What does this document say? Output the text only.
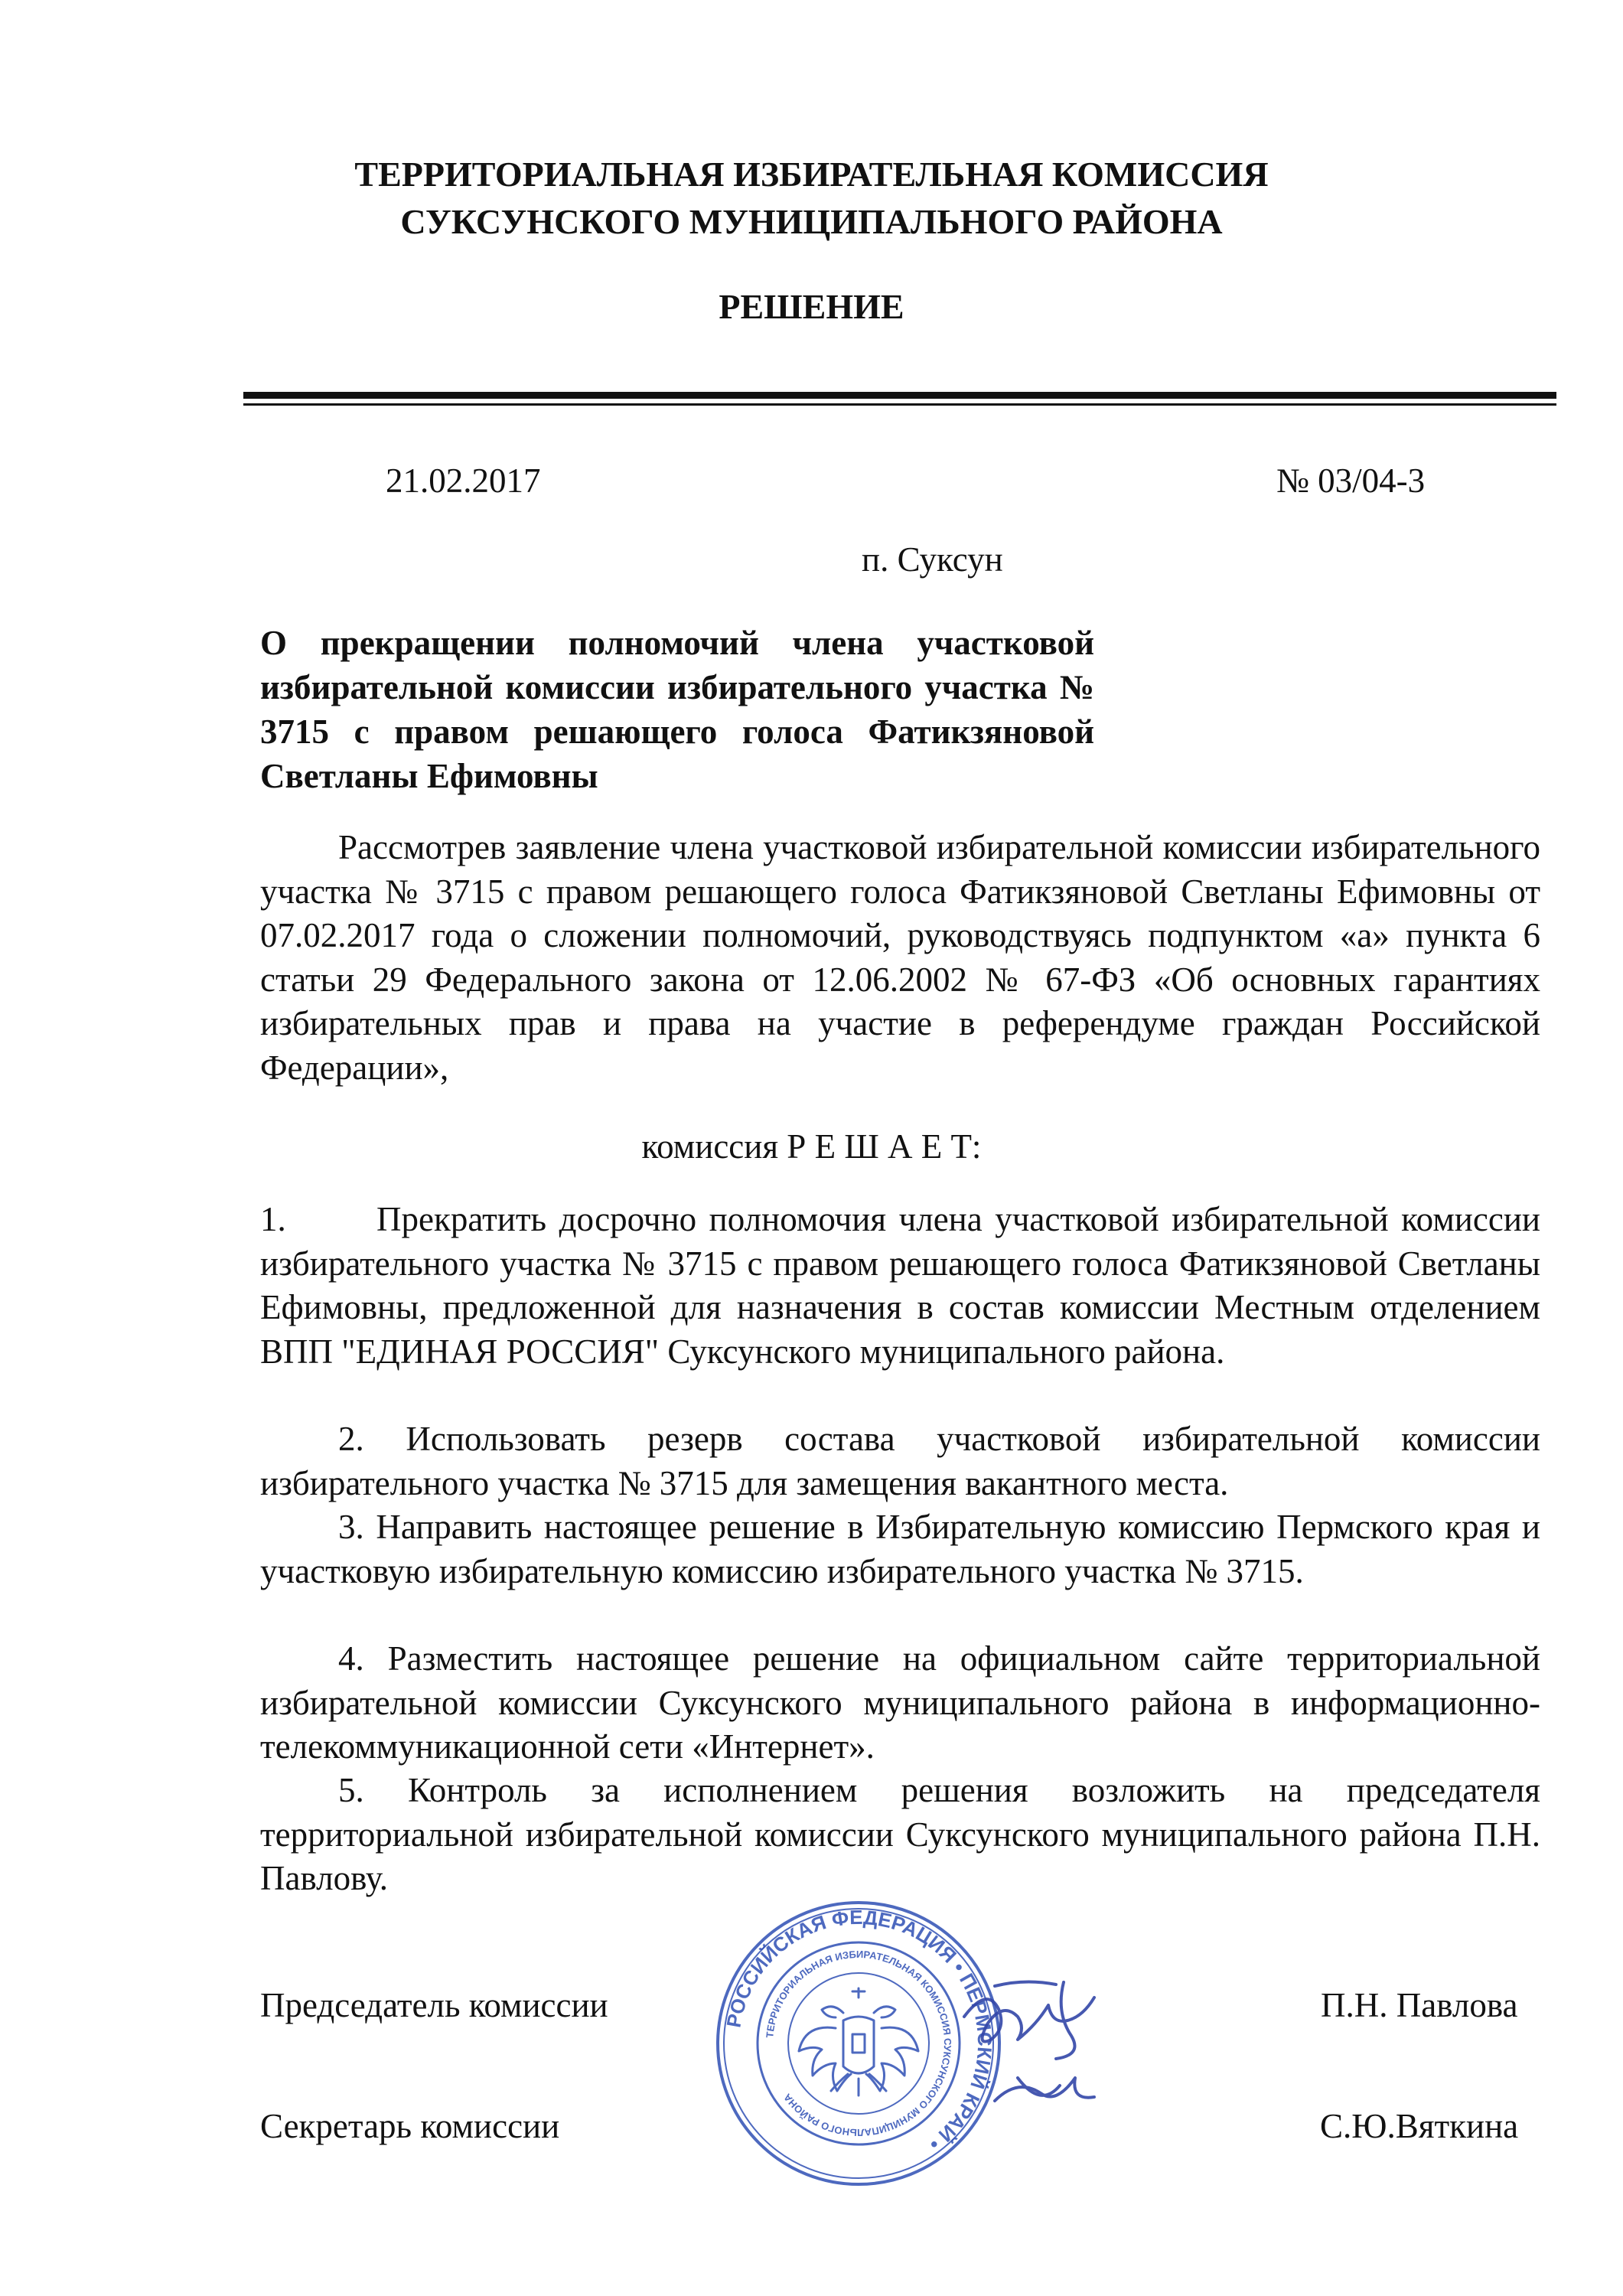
ТЕРРИТОРИАЛЬНАЯ ИЗБИРАТЕЛЬНАЯ КОМИССИЯ
СУКСУНСКОГО МУНИЦИПАЛЬНОГО РАЙОНА
РЕШЕНИЕ
21.02.2017	№ 03/04-3
п. Суксун
О прекращении полномочий члена участковой избирательной комиссии избирательного участка № 3715 с правом решающего голоса Фатикзяновой Светланы Ефимовны
Рассмотрев заявление члена участковой избирательной комиссии избирательного участка № 3715 с правом решающего голоса Фатикзяновой Светланы Ефимовны от 07.02.2017 года о сложении полномочий, руководствуясь подпунктом «а» пункта 6 статьи 29 Федерального закона от 12.06.2002 № 67-ФЗ «Об основных гарантиях избирательных прав и права на участие в референдуме граждан Российской Федерации»,
комиссия Р Е Ш А Е Т:
1.	Прекратить досрочно полномочия члена участковой избирательной комиссии избирательного участка № 3715 с правом решающего голоса Фатикзяновой Светланы Ефимовны, предложенной для назначения в состав комиссии Местным отделением ВПП "ЕДИНАЯ РОССИЯ" Суксунского муниципального района.
2. Использовать резерв состава участковой избирательной комиссии избирательного участка № 3715 для замещения вакантного места.
3. Направить настоящее решение в Избирательную комиссию Пермского края и участковую избирательную комиссию избирательного участка № 3715.
4. Разместить настоящее решение на официальном сайте территориальной избирательной комиссии Суксунского муниципального района в информационно-телекоммуникационной сети «Интернет».
5. Контроль за исполнением решения возложить на председателя территориальной избирательной комиссии Суксунского муниципального района П.Н. Павлову.
Председатель комиссии	П.Н. Павлова
Секретарь комиссии	С.Ю.Вяткина
РОССИЙСКАЯ ФЕДЕРАЦИЯ • ПЕРМСКИЙ КРАЙ •
ТЕРРИТОРИАЛЬНАЯ ИЗБИРАТЕЛЬНАЯ КОМИССИЯ СУКСУНСКОГО МУНИЦИПАЛЬНОГО РАЙОНА
